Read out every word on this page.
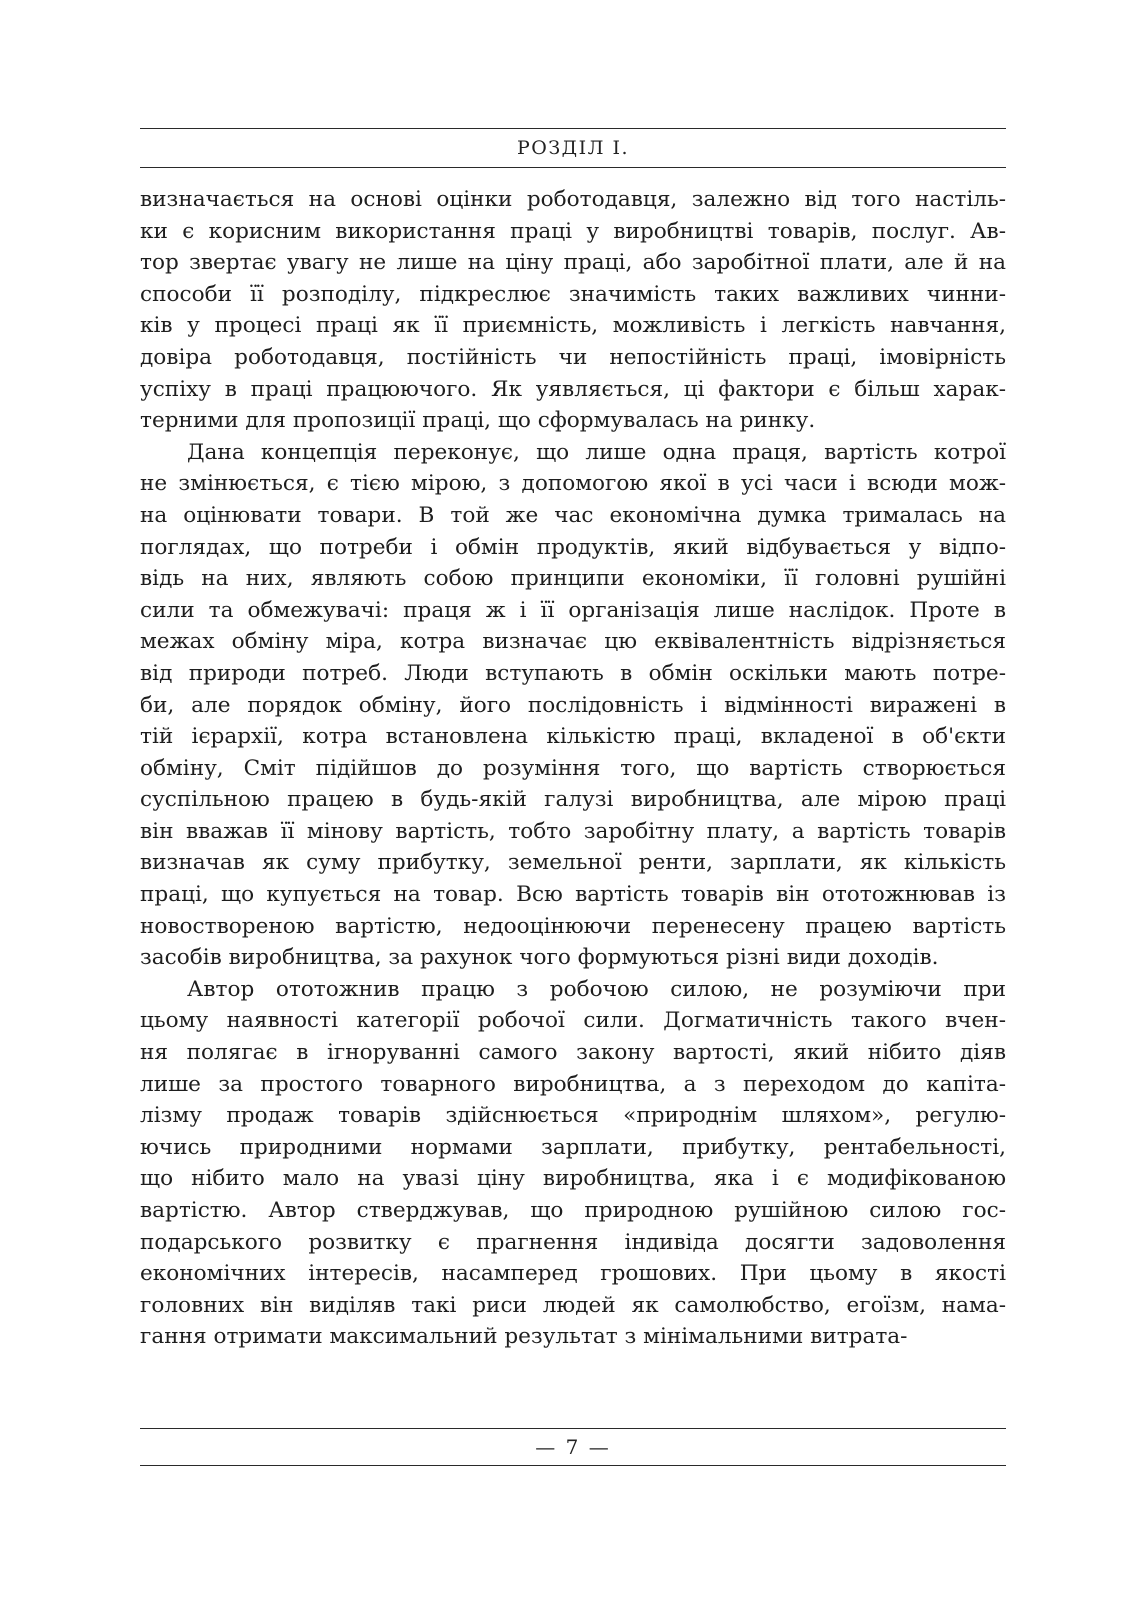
РОЗДІЛ І.
визначається на основі оцінки роботодавця, залежно від того настіль-
ки є корисним використання праці у виробництві товарів, послуг. Ав-
тор звертає увагу не лише на ціну праці, або заробітної плати, але й на
способи її розподілу, підкреслює значимість таких важливих чинни-
ків у процесі праці як її приємність, можливість і легкість навчання,
довіра роботодавця, постійність чи непостійність праці, імовірність
успіху в праці працюючого. Як уявляється, ці фактори є більш харак-
терними для пропозиції праці, що сформувалась на ринку.
Дана концепція переконує, що лише одна праця, вартість котрої
не змінюється, є тією мірою, з допомогою якої в усі часи і всюди мож-
на оцінювати товари. В той же час економічна думка трималась на
поглядах, що потреби і обмін продуктів, який відбувається у відпо-
відь на них, являють собою принципи економіки, її головні рушійні
сили та обмежувачі: праця ж і її організація лише наслідок. Проте в
межах обміну міра, котра визначає цю еквівалентність відрізняється
від природи потреб. Люди вступають в обмін оскільки мають потре-
би, але порядок обміну, його послідовність і відмінності виражені в
тій ієрархії, котра встановлена кількістю праці, вкладеної в об'єкти
обміну, Сміт підійшов до розуміння того, що вартість створюється
суспільною працею в будь-якій галузі виробництва, але мірою праці
він вважав її мінову вартість, тобто заробітну плату, а вартість товарів
визначав як суму прибутку, земельної ренти, зарплати, як кількість
праці, що купується на товар. Всю вартість товарів він ототожнював із
новоствореною вартістю, недооцінюючи перенесену працею вартість
засобів виробництва, за рахунок чого формуються різні види доходів.
Автор ототожнив працю з робочою силою, не розуміючи при
цьому наявності категорії робочої сили. Догматичність такого вчен-
ня полягає в ігноруванні самого закону вартості, який нібито діяв
лише за простого товарного виробництва, а з переходом до капіта-
лізму продаж товарів здійснюється «природнім шляхом», регулю-
ючись природними нормами зарплати, прибутку, рентабельності,
що нібито мало на увазі ціну виробництва, яка і є модифікованою
вартістю. Автор стверджував, що природною рушійною силою гос-
подарського розвитку є прагнення індивіда досягти задоволення
економічних інтересів, насамперед грошових. При цьому в якості
головних він виділяв такі риси людей як самолюбство, егоїзм, нама-
гання отримати максимальний результат з мінімальними витрата-
— 7 —
